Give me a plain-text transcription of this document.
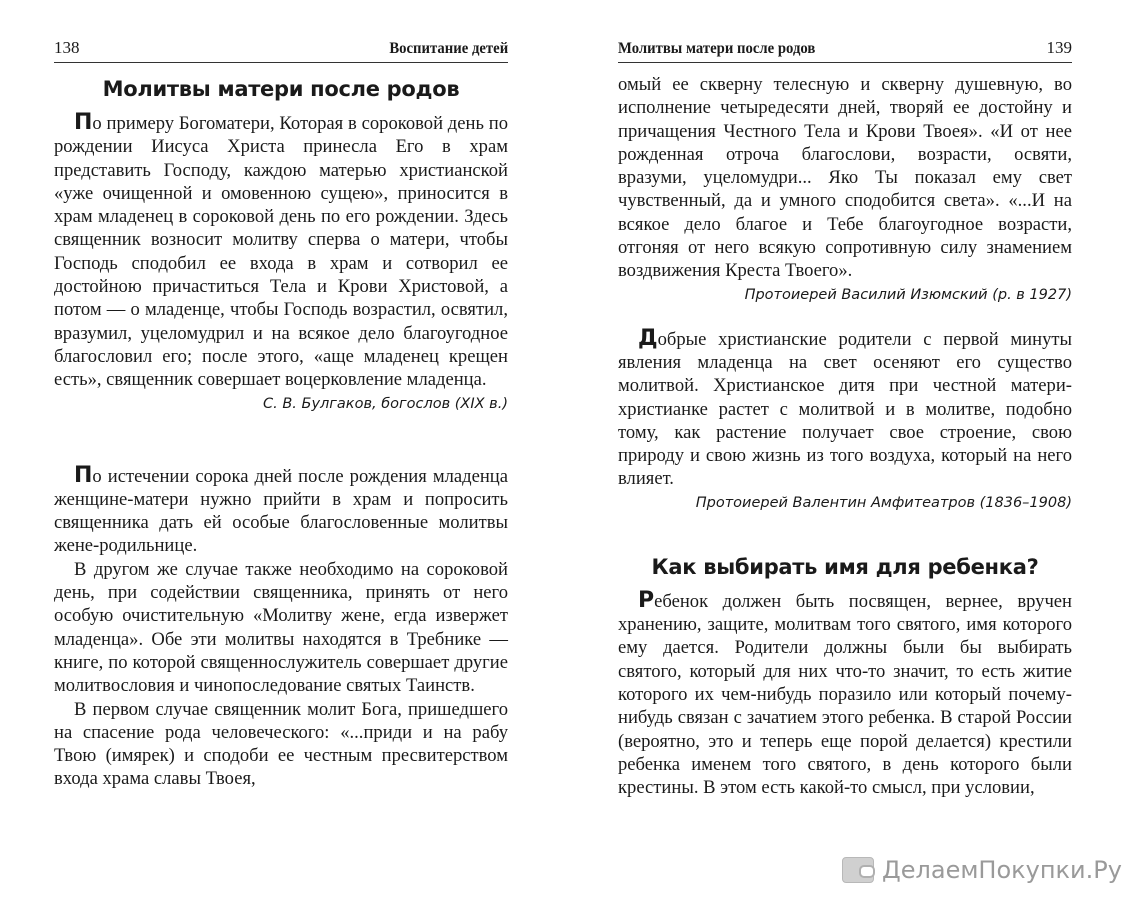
138	Воспитание детей
Молитвы матери после родов

По примеру Богоматери, Которая в сороковой день по рождении Иисуса Христа принесла Его в храм представить Господу, каждою матерью христианской «уже очищенной и омовенною сущею», приносится в храм младенец в сороковой день по его рождении. Здесь священник возносит молитву сперва о матери, чтобы Господь сподобил ее входа в храм и сотворил ее достойною причаститься Тела и Крови Христовой, а потом — о младенце, чтобы Господь возрастил, освятил, вразумил, уцеломудрил и на всякое дело благоугодное благословил его; после этого, «аще младенец крещен есть», священник совершает воцерковление младенца.

С. В. Булгаков, богослов (XIX в.)

По истечении сорока дней после рождения младенца женщине-матери нужно прийти в храм и попросить священника дать ей особые благословенные молитвы жене-родильнице.

В другом же случае также необходимо на сороковой день, при содействии священника, принять от него особую очистительную «Молитву жене, егда извержет младенца». Обе эти молитвы находятся в Требнике — книге, по которой священнослужитель совершает другие молитвословия и чинопоследование святых Таинств.

В первом случае священник молит Бога, пришедшего на спасение рода человеческого: «...приди и на рабу Твою (имярек) и сподоби ее честным пресвитерством входа храма славы Твоея,

Молитвы матери после родов	139

омый ее скверну телесную и скверну душевную, во исполнение четыредесяти дней, творяй ее достойну и причащения Честного Тела и Крови Твоея». «И от нее рожденная отроча благослови, возрасти, освяти, вразуми, уцеломудри... Яко Ты показал ему свет чувственный, да и умного сподобится света». «...И на всякое дело благое и Тебе благоугодное возрасти, отгоняя от него всякую сопротивную силу знамением воздвижения Креста Твоего».

Протоиерей Василий Изюмский (р. в 1927)

Добрые христианские родители с первой минуты явления младенца на свет осеняют его существо молитвой. Христианское дитя при честной матери-христианке растет с молитвой и в молитве, подобно тому, как растение получает свое строение, свою природу и свою жизнь из того воздуха, который на него влияет.

Протоиерей Валентин Амфитеатров (1836–1908)
Как выбирать имя для ребенка?

Ребенок должен быть посвящен, вернее, вручен хранению, защите, молитвам того святого, имя которого ему дается. Родители должны были бы выбирать святого, который для них что-то значит, то есть житие которого их чем-нибудь поразило или который почему-нибудь связан с зачатием этого ребенка. В старой России (вероятно, это и теперь еще порой делается) крестили ребенка именем того святого, в день которого были крестины. В этом есть какой-то смысл, при условии,

ДелаемПокупки.Ру
